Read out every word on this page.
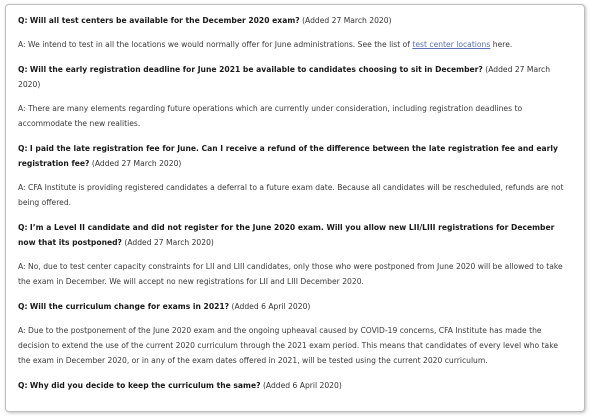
Q: Will all test centers be available for the December 2020 exam? (Added 27 March 2020)

A: We intend to test in all the locations we would normally offer for June administrations. See the list of test center locations here.

Q: Will the early registration deadline for June 2021 be available to candidates choosing to sit in December? (Added 27 March 2020)

A: There are many elements regarding future operations which are currently under consideration, including registration deadlines to accommodate the new realities.

Q: I paid the late registration fee for June. Can I receive a refund of the difference between the late registration fee and early registration fee? (Added 27 March 2020)

A: CFA Institute is providing registered candidates a deferral to a future exam date. Because all candidates will be rescheduled, refunds are not being offered.

Q: I’m a Level II candidate and did not register for the June 2020 exam. Will you allow new LII/LIII registrations for December now that its postponed? (Added 27 March 2020)

A: No, due to test center capacity constraints for LII and LIII candidates, only those who were postponed from June 2020 will be allowed to take the exam in December. We will accept no new registrations for LII and LIII December 2020.

Q: Will the curriculum change for exams in 2021? (Added 6 April 2020)

A: Due to the postponement of the June 2020 exam and the ongoing upheaval caused by COVID-19 concerns, CFA Institute has made the decision to extend the use of the current 2020 curriculum through the 2021 exam period. This means that candidates of every level who take the exam in December 2020, or in any of the exam dates offered in 2021, will be tested using the current 2020 curriculum.

Q: Why did you decide to keep the curriculum the same? (Added 6 April 2020)
